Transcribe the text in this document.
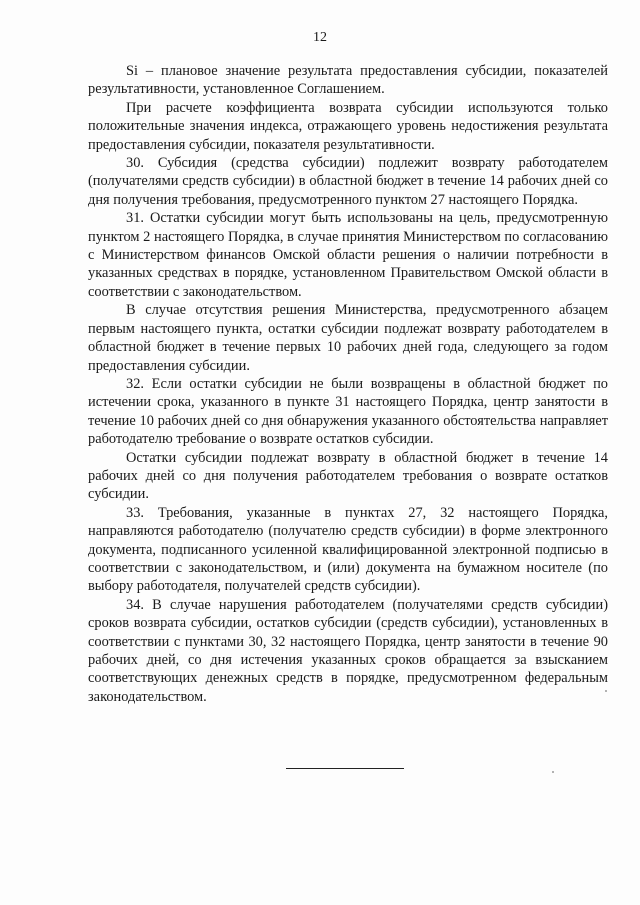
12

Si – плановое значение результата предоставления субсидии, показателей результативности, установленное Соглашением.

При расчете коэффициента возврата субсидии используются только положительные значения индекса, отражающего уровень недостижения результата предоставления субсидии, показателя результативности.

30. Субсидия (средства субсидии) подлежит возврату работодателем (получателями средств субсидии) в областной бюджет в течение 14 рабочих дней со дня получения требования, предусмотренного пунктом 27 настоящего Порядка.

31. Остатки субсидии могут быть использованы на цель, предусмотренную пунктом 2 настоящего Порядка, в случае принятия Министерством по согласованию с Министерством финансов Омской области решения о наличии потребности в указанных средствах в порядке, установленном Правительством Омской области в соответствии с законодательством.

В случае отсутствия решения Министерства, предусмотренного абзацем первым настоящего пункта, остатки субсидии подлежат возврату работодателем в областной бюджет в течение первых 10 рабочих дней года, следующего за годом предоставления субсидии.

32. Если остатки субсидии не были возвращены в областной бюджет по истечении срока, указанного в пункте 31 настоящего Порядка, центр занятости в течение 10 рабочих дней со дня обнаружения указанного обстоятельства направляет работодателю требование о возврате остатков субсидии.

Остатки субсидии подлежат возврату в областной бюджет в течение 14 рабочих дней со дня получения работодателем требования о возврате остатков субсидии.

33. Требования, указанные в пунктах 27, 32 настоящего Порядка, направляются работодателю (получателю средств субсидии) в форме электронного документа, подписанного усиленной квалифицированной электронной подписью в соответствии с законодательством, и (или) документа на бумажном носителе (по выбору работодателя, получателей средств субсидии).

34. В случае нарушения работодателем (получателями средств субсидии) сроков возврата субсидии, остатков субсидии (средств субсидии), установленных в соответствии с пунктами 30, 32 настоящего Порядка, центр занятости в течение 90 рабочих дней, со дня истечения указанных сроков обращается за взысканием соответствующих денежных средств в порядке, предусмотренном федеральным законодательством.
